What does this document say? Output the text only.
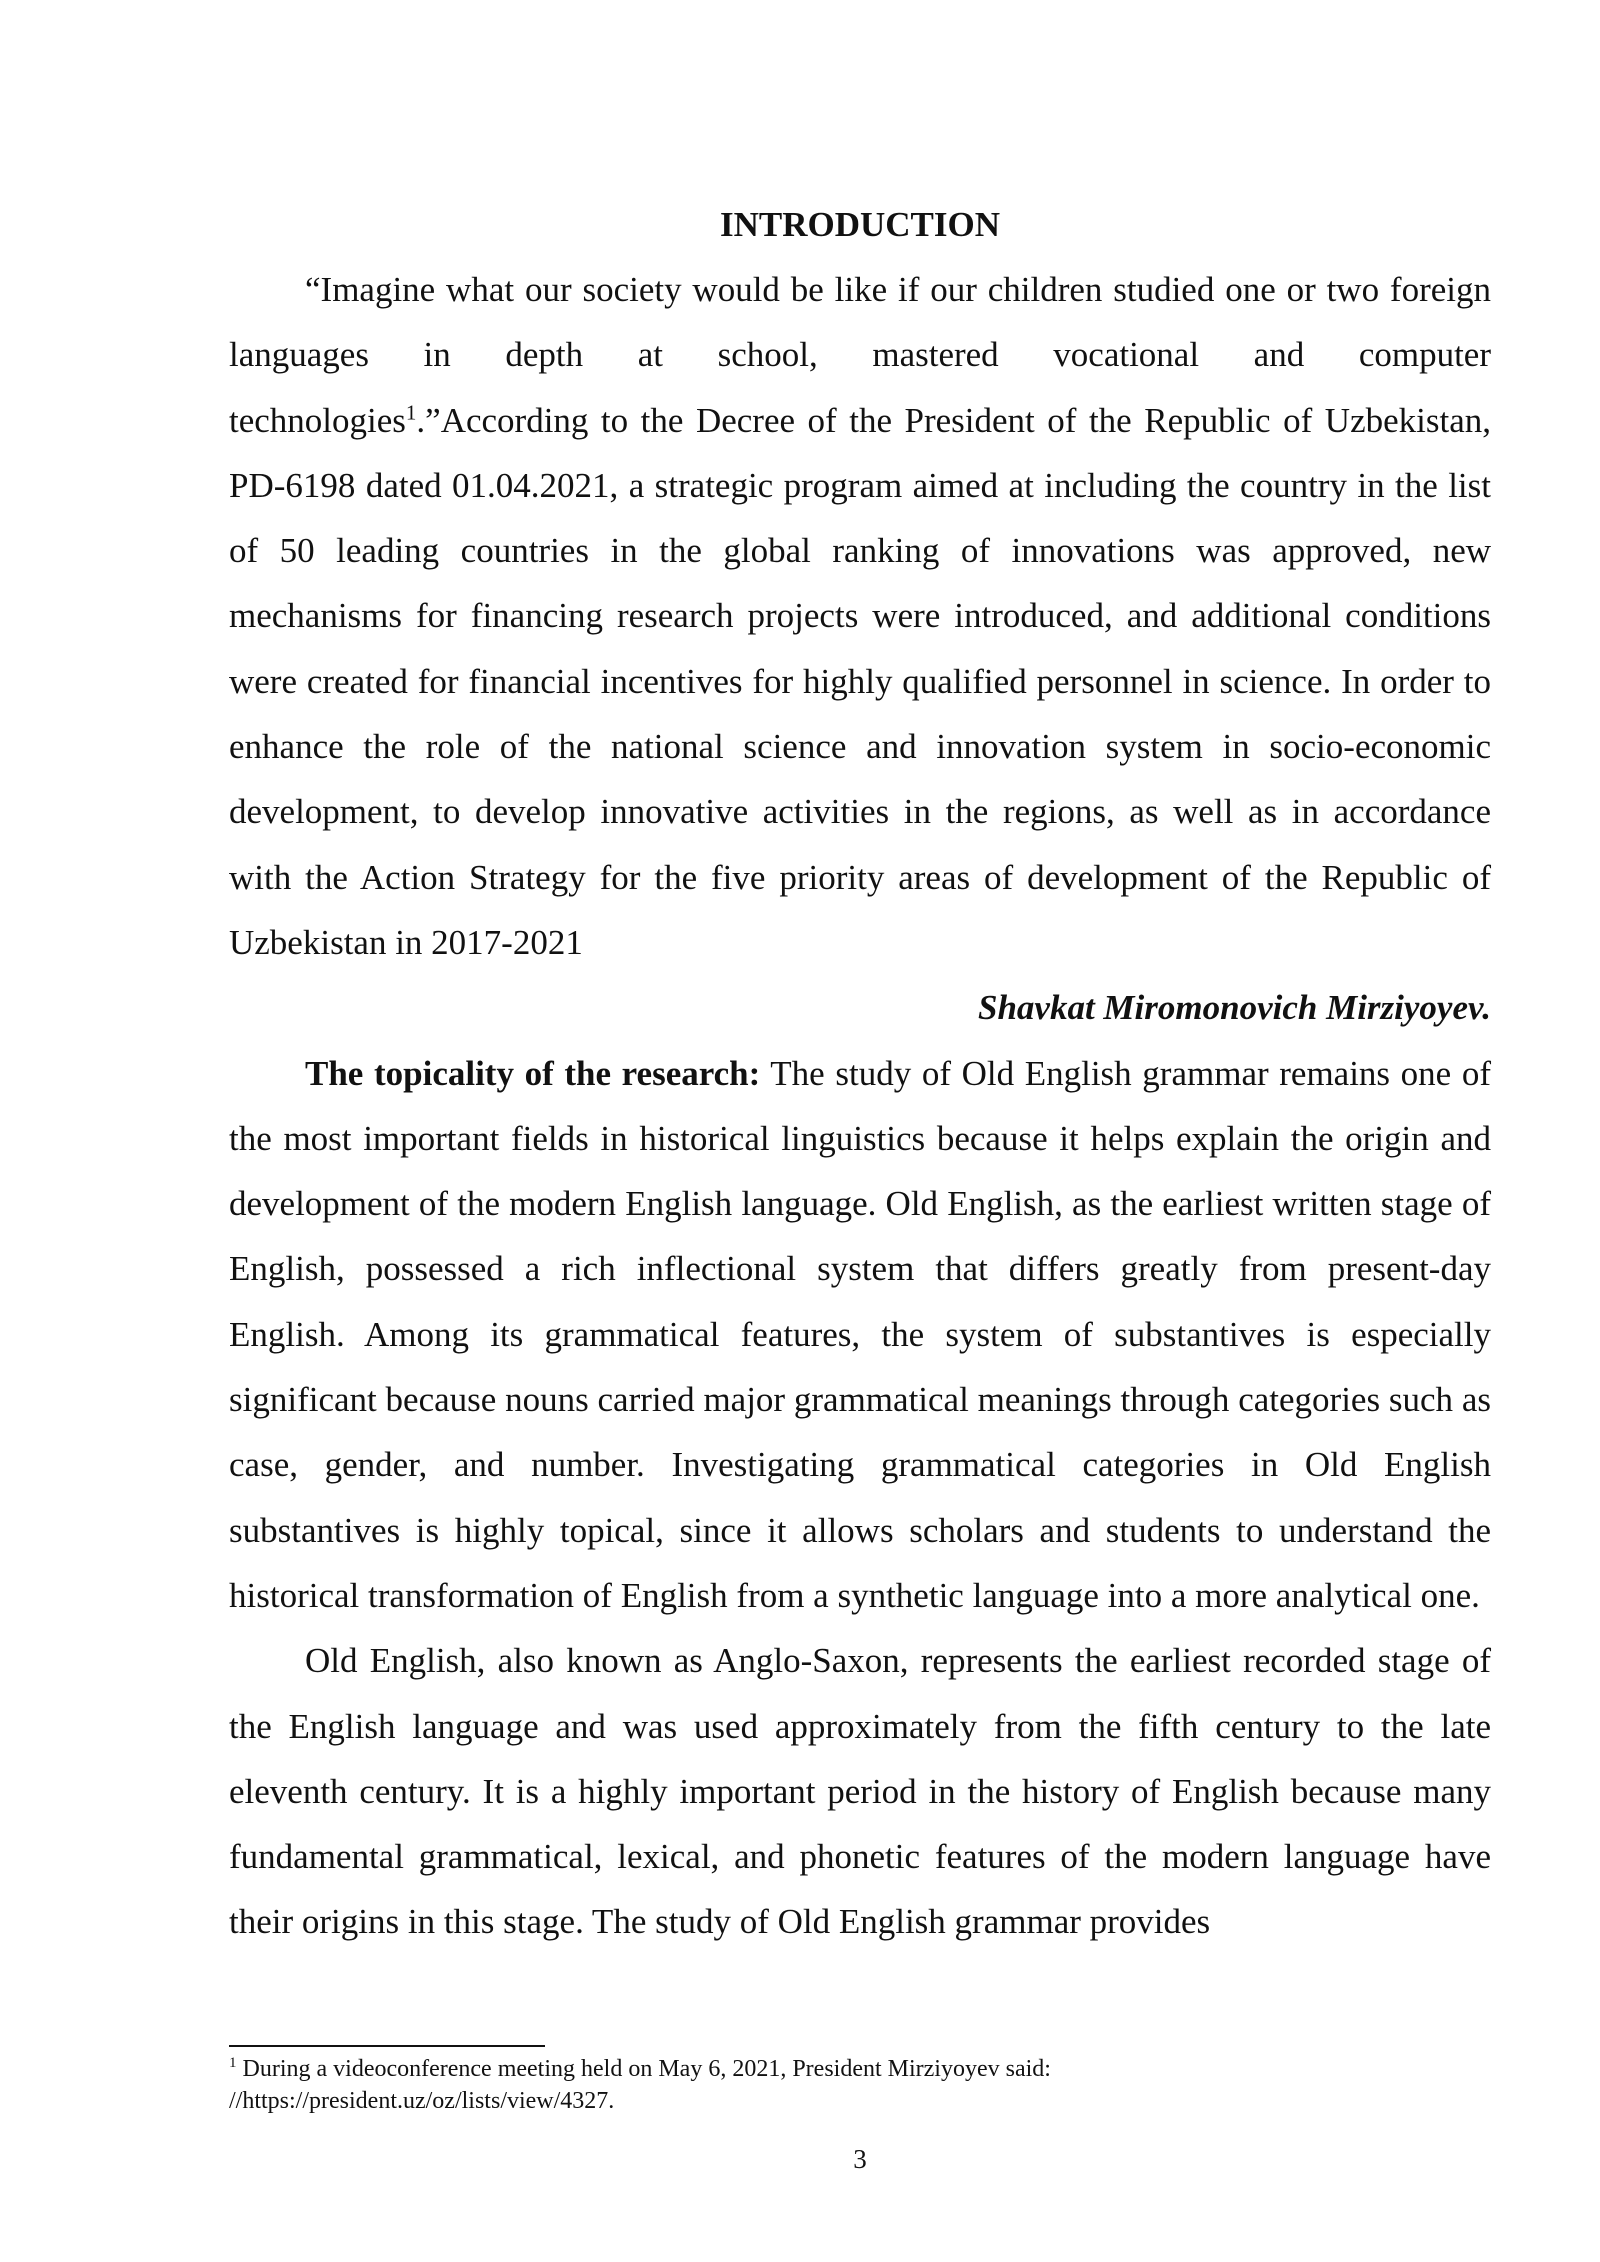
INTRODUCTION

“Imagine what our society would be like if our children studied one or two foreign languages in depth at school, mastered vocational and computer technologies$^1$.”According to the Decree of the President of the Republic of Uzbekistan, PD-6198 dated 01.04.2021, a strategic program aimed at including the country in the list of 50 leading countries in the global ranking of innovations was approved, new mechanisms for financing research projects were introduced, and additional conditions were created for financial incentives for highly qualified personnel in science. In order to enhance the role of the national science and innovation system in socio-economic development, to develop innovative activities in the regions, as well as in accordance with the Action Strategy for the five priority areas of development of the Republic of Uzbekistan in 2017-2021

Shavkat Miromonovich Mirziyoyev.

The topicality of the research: The study of Old English grammar remains one of the most important fields in historical linguistics because it helps explain the origin and development of the modern English language. Old English, as the earliest written stage of English, possessed a rich inflectional system that differs greatly from present-day English. Among its grammatical features, the system of substantives is especially significant because nouns carried major grammatical meanings through categories such as case, gender, and number. Investigating grammatical categories in Old English substantives is highly topical, since it allows scholars and students to understand the historical transformation of English from a synthetic language into a more analytical one.

Old English, also known as Anglo-Saxon, represents the earliest recorded stage of the English language and was used approximately from the fifth century to the late eleventh century. It is a highly important period in the history of English because many fundamental grammatical, lexical, and phonetic features of the modern language have their origins in this stage. The study of Old English grammar provides

$^1$ During a videoconference meeting held on May 6, 2021, President Mirziyoyev said:
//https://president.uz/oz/lists/view/4327.

3
